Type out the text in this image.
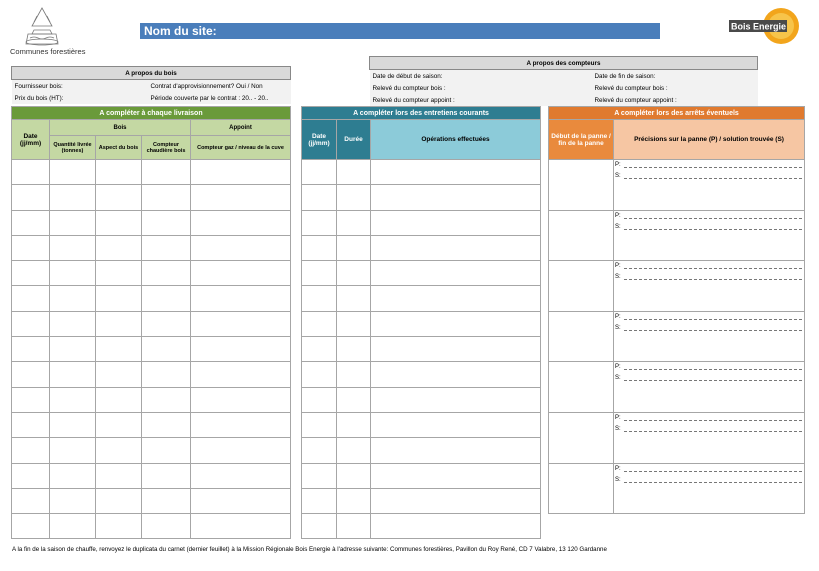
Communes forestières
Nom du site:	Bois Energie
A propos du bois	
Fournisseur bois:	Contrat d'approvisionnement? Oui / Non
Prix du bois (HT):	Période couverte par le contrat : 20.. - 20..
A propos des compteurs	
Date de début de saison:	Date de fin de saison:
Relevé du compteur bois :	Relevé du compteur bois :
Relevé du compteur appoint :	Relevé du compteur appoint :
A compléter à chaque livraison				
Date (jj/mm)	Bois			Appoint
	Quantité livrée (tonnes)	Aspect du bois	Compteur chaudière bois	Compteur gaz / niveau de la cuve

A compléter lors des entretiens courants		
Date (jj/mm)	Durée	Opérations effectuées

A compléter lors des arrêts éventuels	
Début de la panne / fin de la panne	Précisions sur la panne (P) / solution trouvée (S)

	P:
S:

	P:
S:

	P:
S:

	P:
S:

	P:
S:

	P:
S:

	P:
S:
A la fin de la saison de chauffe, renvoyez le duplicata du carnet (dernier feuillet) à la Mission Régionale Bois Energie à l'adresse suivante: Communes forestières, Pavillon du Roy René, CD 7 Valabre, 13 120 Gardanne
